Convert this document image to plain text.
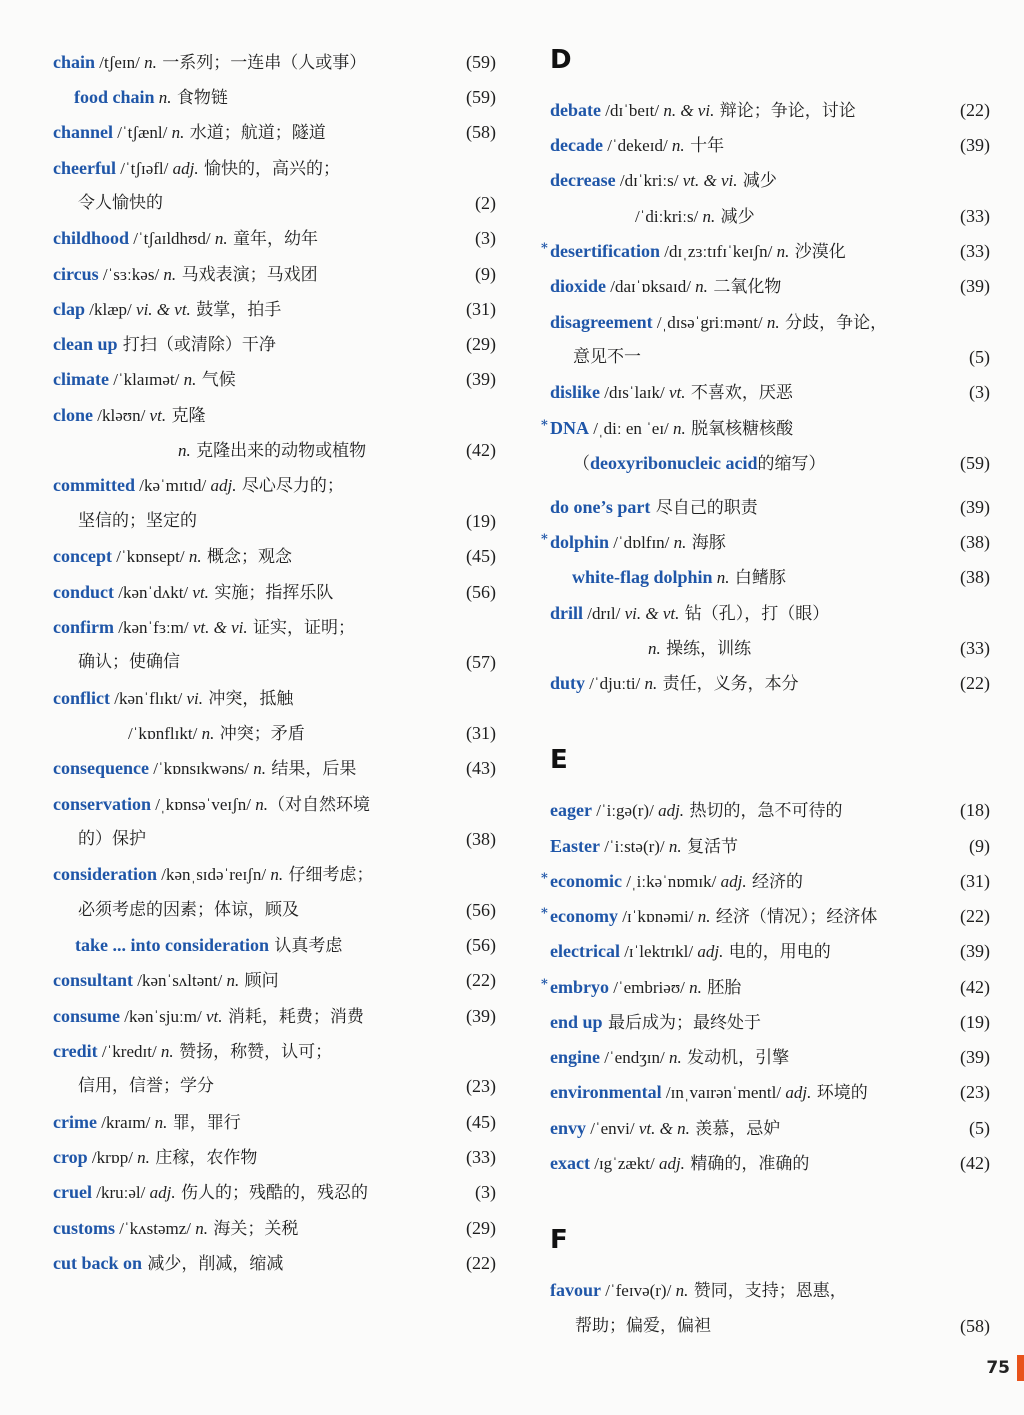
chain /tʃeɪn/ n. 一系列；一连串（人或事）	(59)
food chain n. 食物链	(59)
channel /ˈtʃænl/ n. 水道；航道；隧道	(58)
cheerful /ˈtʃɪəfl/ adj. 愉快的，高兴的；
令人愉快的	(2)
childhood /ˈtʃaɪldhʊd/ n. 童年，幼年	(3)
circus /ˈsɜːkəs/ n. 马戏表演；马戏团	(9)
clap /klæp/ vi. & vt. 鼓掌，拍手	(31)
clean up 打扫（或清除）干净	(29)
climate /ˈklaɪmət/ n. 气候	(39)
clone /kləʊn/ vt. 克隆
n. 克隆出来的动物或植物	(42)
committed /kəˈmɪtɪd/ adj. 尽心尽力的；
坚信的；坚定的	(19)
concept /ˈkɒnsept/ n. 概念；观念	(45)
conduct /kənˈdʌkt/ vt. 实施；指挥乐队	(56)
confirm /kənˈfɜːm/ vt. & vi. 证实，证明；
确认；使确信	(57)
conflict /kənˈflɪkt/ vi. 冲突，抵触
/ˈkɒnflɪkt/ n. 冲突；矛盾	(31)
consequence /ˈkɒnsɪkwəns/ n. 结果，后果	(43)
conservation /ˌkɒnsəˈveɪʃn/ n.（对自然环境
的）保护	(38)
consideration /kənˌsɪdəˈreɪʃn/ n. 仔细考虑；
必须考虑的因素；体谅，顾及	(56)
take ... into consideration 认真考虑	(56)
consultant /kənˈsʌltənt/ n. 顾问	(22)
consume /kənˈsjuːm/ vt. 消耗，耗费；消费	(39)
credit /ˈkredɪt/ n. 赞扬，称赞，认可；
信用，信誉；学分	(23)
crime /kraɪm/ n. 罪，罪行	(45)
crop /krɒp/ n. 庄稼，农作物	(33)
cruel /kruːəl/ adj. 伤人的；残酷的，残忍的	(3)
customs /ˈkʌstəmz/ n. 海关；关税	(29)
cut back on 减少，削减，缩减	(22)
D
E
F
debate /dɪˈbeɪt/ n. & vi. 辩论；争论，讨论	(22)
decade /ˈdekeɪd/ n. 十年	(39)
decrease /dɪˈkriːs/ vt. & vi. 减少
/ˈdiːkriːs/ n. 减少	(33)
* desertification /dɪˌzɜːtɪfɪˈkeɪʃn/ n. 沙漠化	(33)
dioxide /daɪˈɒksaɪd/ n. 二氧化物	(39)
disagreement /ˌdɪsəˈgriːmənt/ n. 分歧，争论，
意见不一	(5)
dislike /dɪsˈlaɪk/ vt. 不喜欢，厌恶	(3)
* DNA /ˌdiː en ˈeɪ/ n. 脱氧核糖核酸
（deoxyribonucleic acid的缩写）	(59)
do one’s part 尽自己的职责	(39)
* dolphin /ˈdɒlfɪn/ n. 海豚	(38)
white-flag dolphin n. 白鳍豚	(38)
drill /drɪl/ vi. & vt. 钻（孔），打（眼）
n. 操练，训练	(33)
duty /ˈdjuːti/ n. 责任，义务，本分	(22)
eager /ˈiːgə(r)/ adj. 热切的，急不可待的	(18)
Easter /ˈiːstə(r)/ n. 复活节	(9)
* economic /ˌiːkəˈnɒmɪk/ adj. 经济的	(31)
* economy /ɪˈkɒnəmi/ n. 经济（情况）；经济体	(22)
electrical /ɪˈlektrɪkl/ adj. 电的，用电的	(39)
* embryo /ˈembriəʊ/ n. 胚胎	(42)
end up 最后成为；最终处于	(19)
engine /ˈendʒɪn/ n. 发动机，引擎	(39)
environmental /ɪnˌvaɪrənˈmentl/ adj. 环境的	(23)
envy /ˈenvi/ vt. & n. 羡慕，忌妒	(5)
exact /ɪgˈzækt/ adj. 精确的，准确的	(42)
favour /ˈfeɪvə(r)/ n. 赞同，支持；恩惠，
帮助；偏爱，偏袒	(58)
75
